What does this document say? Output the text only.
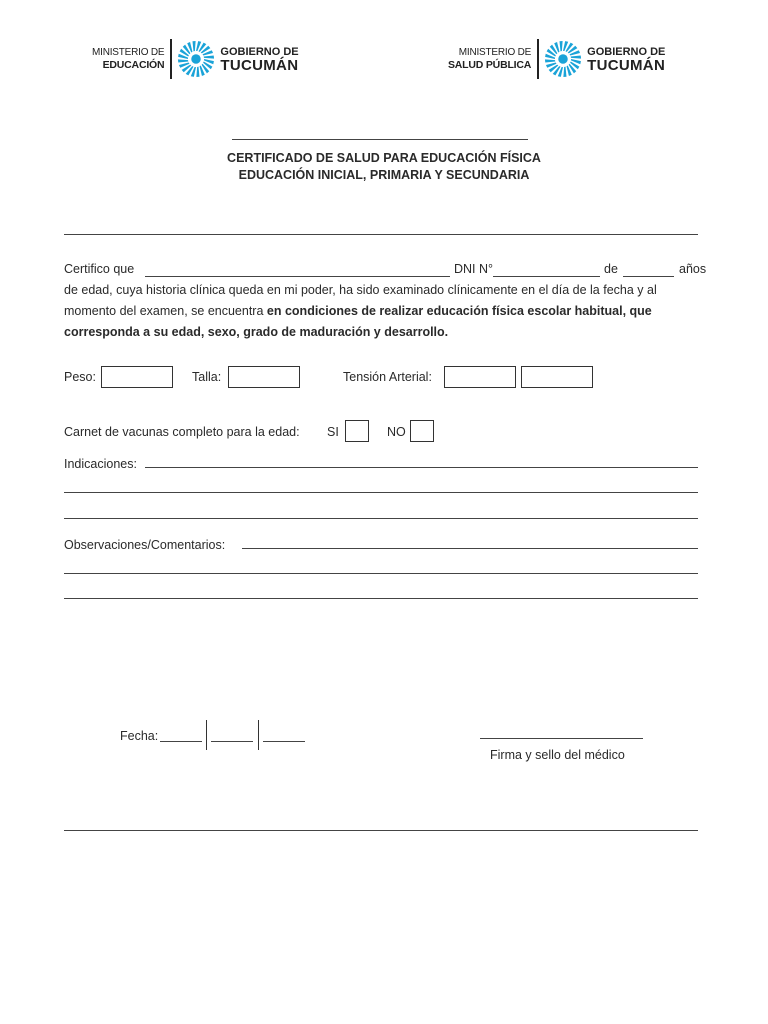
MINISTERIO DE
EDUCACIÓN
GOBIERNO DE
TUCUMÁN
MINISTERIO DE
SALUD PÚBLICA
GOBIERNO DE
TUCUMÁN
CERTIFICADO DE SALUD PARA EDUCACIÓN FÍSICA
EDUCACIÓN INICIAL, PRIMARIA Y SECUNDARIA
Certifico que	DNI N°	de	años
de edad, cuya historia clínica queda en mi poder, ha sido examinado clínicamente en el día de la fecha y al
momento del examen, se encuentra en condiciones de realizar educación física escolar habitual, que
corresponda a su edad, sexo, grado de maduración y desarrollo.
Peso:	Talla:	Tensión Arterial:
Carnet de vacunas completo para la edad: SI	NO
Indicaciones:
Observaciones/Comentarios:
Fecha:
Firma y sello del médico
